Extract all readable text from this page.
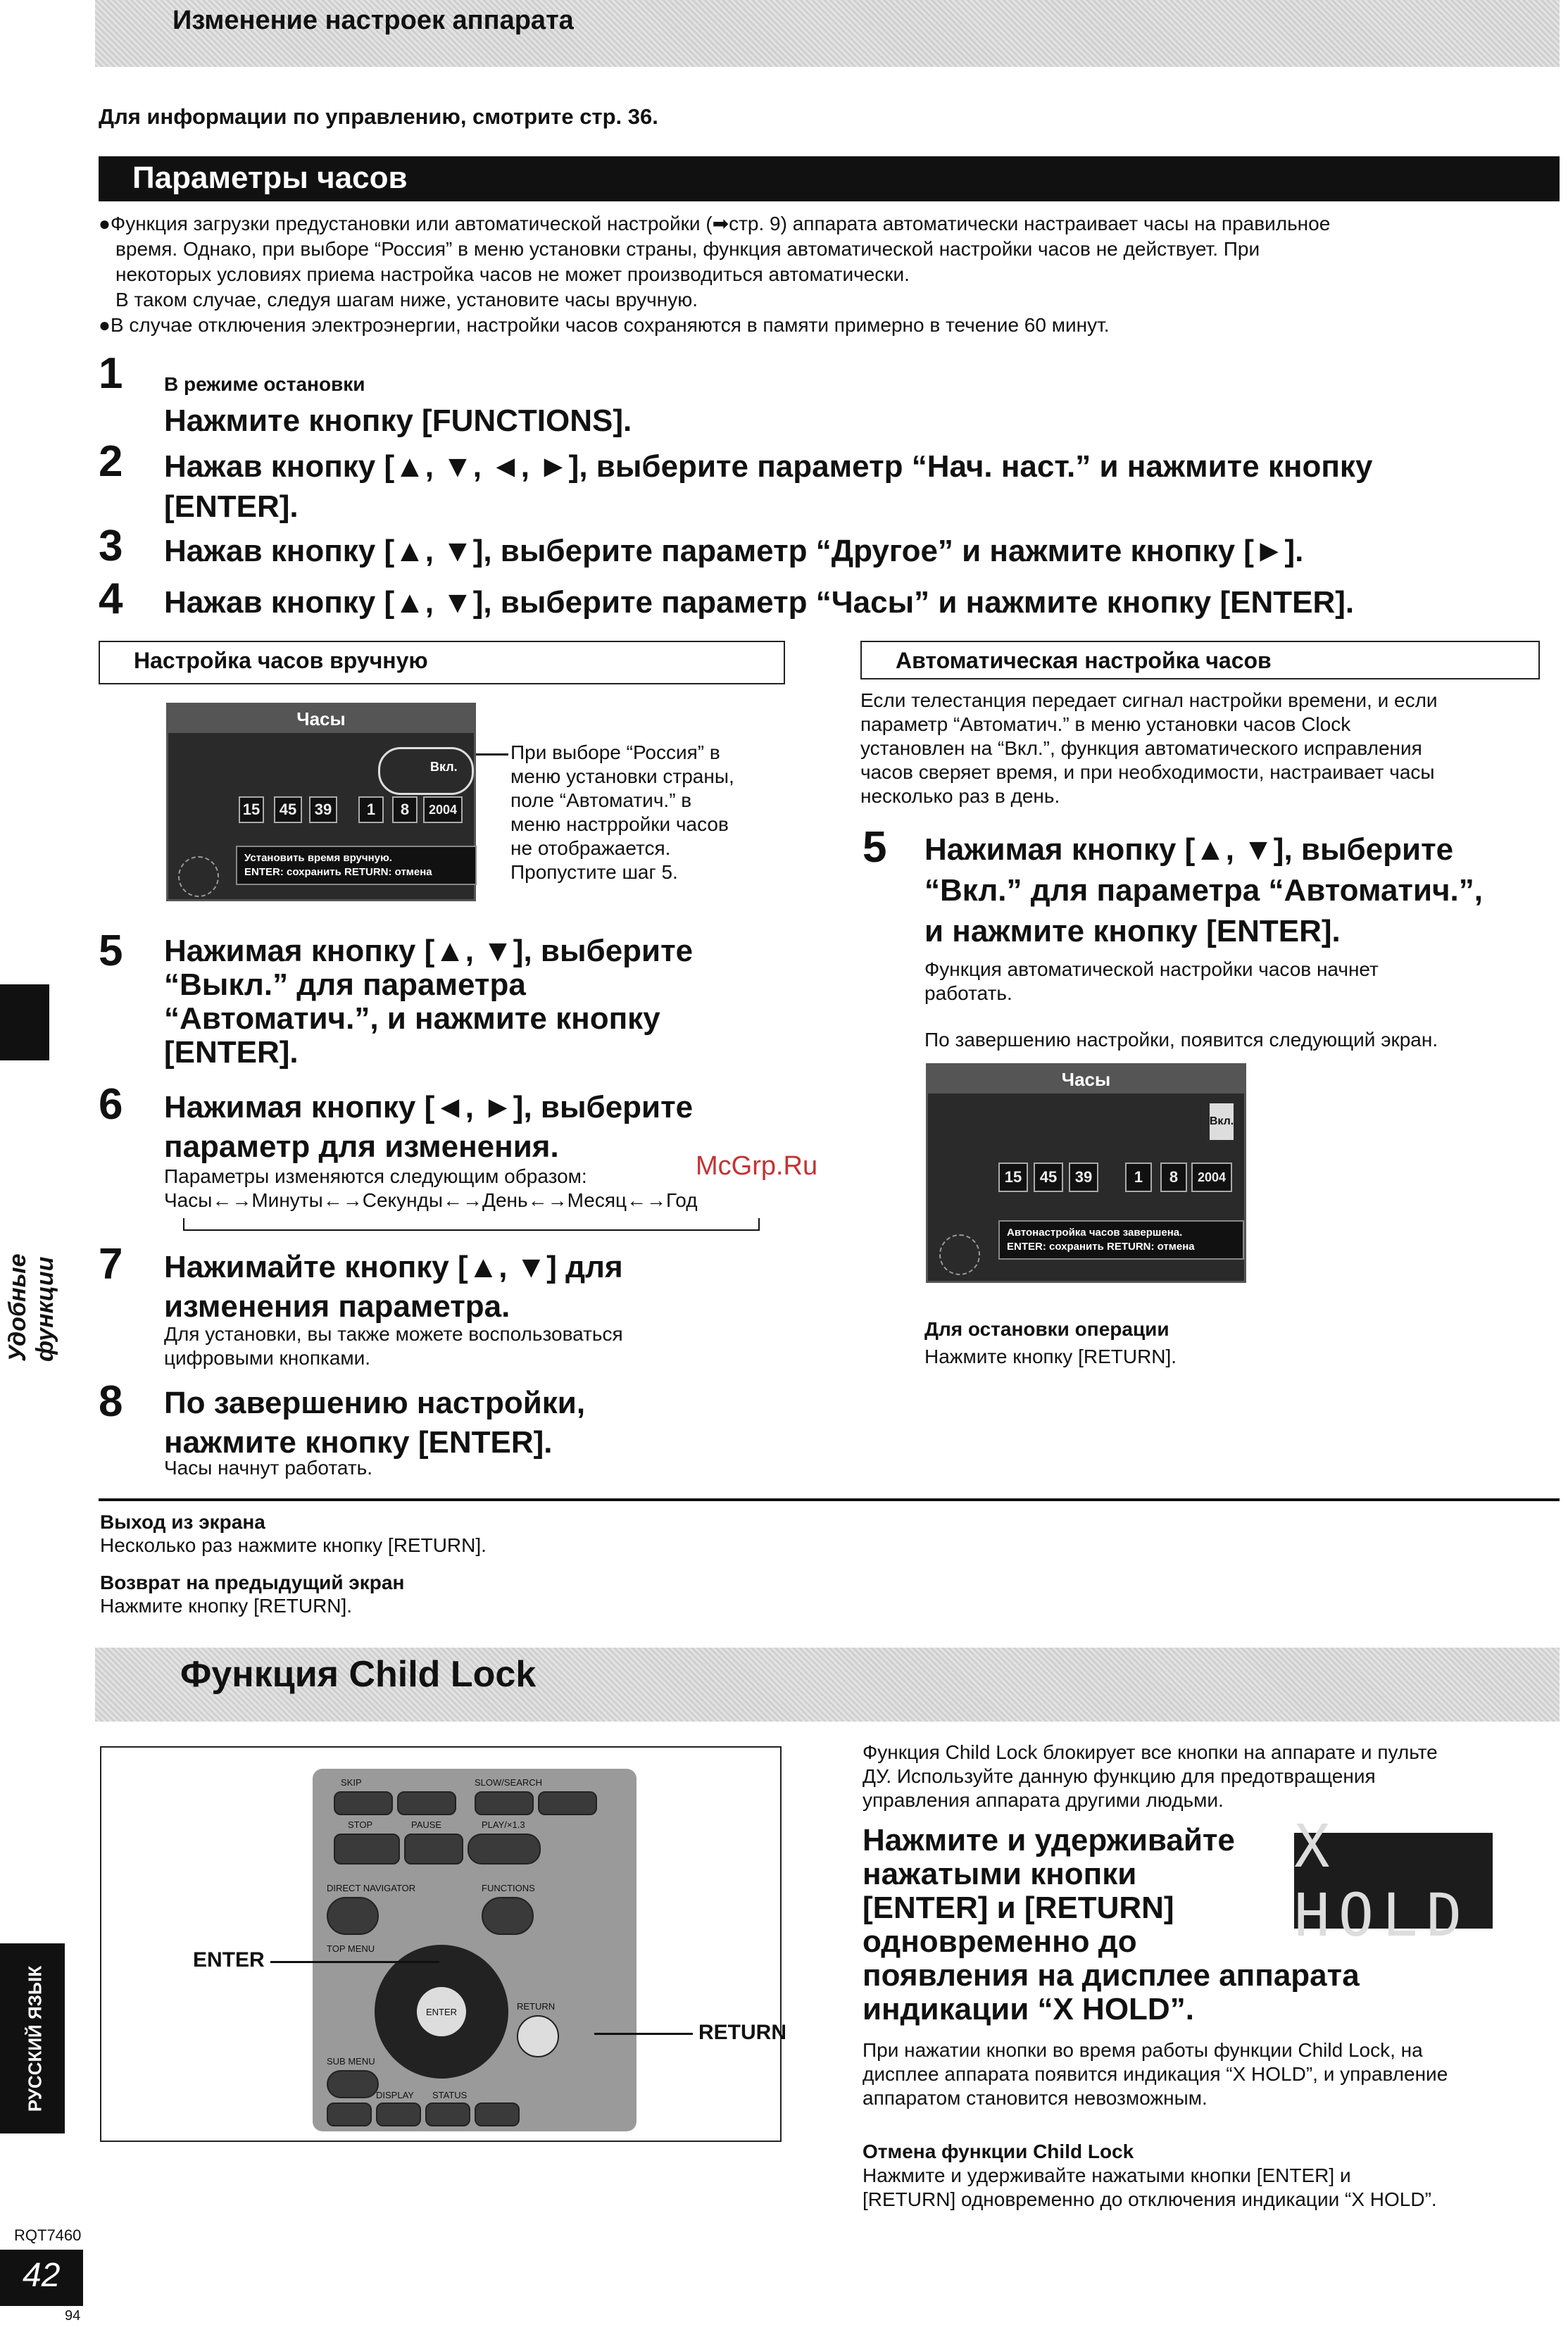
Изменение настроек аппарата
Для информации по управлению, смотрите стр. 36.
Параметры часов

●Функция загрузки предустановки или автоматической настройки (➡стр. 9) аппарата автоматически настраивает часы на правильное

время. Однако, при выборе “Россия” в меню установки страны, функция автоматической настройки часов не действует. При

некоторых условиях приема настройка часов не может производиться автоматически.

В таком случае, следуя шагам ниже, установите часы вручную.

●В случае отключения электроэнергии, настройки часов сохраняются в памяти примерно в течение 60 минут.

1 В режиме остановки
Нажмите кнопку [FUNCTIONS].
2 Нажав кнопку [▲, ▼, ◄, ►], выберите параметр “Нач. наст.” и нажмите кнопку
[ENTER].
3 Нажав кнопку [▲, ▼], выберите параметр “Другое” и нажмите кнопку [►].
4 Нажав кнопку [▲, ▼], выберите параметр “Часы” и нажмите кнопку [ENTER].
Настройка часов вручную
Часы
Вкл.
15	45	39	1	8	2004
Установить время вручную.
ENTER: сохранить RETURN: отмена
При выборе “Россия” в
меню установки страны,
поле “Автоматич.” в
меню настрройки часов
не отображается.
Пропустите шаг 5.
5 Нажимая кнопку [▲, ▼], выберите
“Выкл.” для параметра
“Автоматич.”, и нажмите кнопку
[ENTER].
6 Нажимая кнопку [◄, ►], выберите
параметр для изменения.
Параметры изменяются следующим образом:
Часы←→Минуты←→Секунды←→День←→Месяц←→Год
7 Нажимайте кнопку [▲, ▼] для
изменения параметра.
Для установки, вы также можете воспользоваться
цифровыми кнопками.
8 По завершению настройки,
нажмите кнопку [ENTER].
Часы начнут работать.
McGrp.Ru
Автоматическая настройка часов
Если телестанция передает сигнал настройки времени, и если
параметр “Автоматич.” в меню установки часов Clock
установлен на “Вкл.”, функция автоматического исправления
часов сверяет время, и при необходимости, настраивает часы
несколько раз в день.
5 Нажимая кнопку [▲, ▼], выберите
“Вкл.” для параметра “Автоматич.”,
и нажмите кнопку [ENTER].
Функция автоматической настройки часов начнет
работать.
По завершению настройки, появится следующий экран.
Часы
Вкл.
15	45	39	1	8	2004
Автонастройка часов завершена.
ENTER: сохранить RETURN: отмена
Для остановки операции
Нажмите кнопку [RETURN].
Выход из экрана
Несколько раз нажмите кнопку [RETURN].
Возврат на предыдущий экран
Нажмите кнопку [RETURN].
Функция Child Lock
SKIP	SLOW/SEARCH
STOP	PAUSE	PLAY/×1.3
DIRECT NAVIGATOR	FUNCTIONS
TOP MENU
ENTER
SUB MENU
RETURN
DISPLAY STATUS
ENTER
RETURN
Функция Child Lock блокирует все кнопки на аппарате и пульте
ДУ. Используйте данную функцию для предотвращения
управления аппарата другими людьми.
Нажмите и удерживайте
нажатыми кнопки
[ENTER] и [RETURN]
одновременно до
появления на дисплее аппарата
индикации “X HOLD”.
X HOLD
При нажатии кнопки во время работы функции Child Lock, на
дисплее аппарата появится индикация “X HOLD”, и управление
аппаратом становится невозможным.
Отмена функции Child Lock
Нажмите и удерживайте нажатыми кнопки [ENTER] и
[RETURN] одновременно до отключения индикации “X HOLD”.
Удобные функции
РУССКИЙ ЯЗЫК
RQT7460
42
94
